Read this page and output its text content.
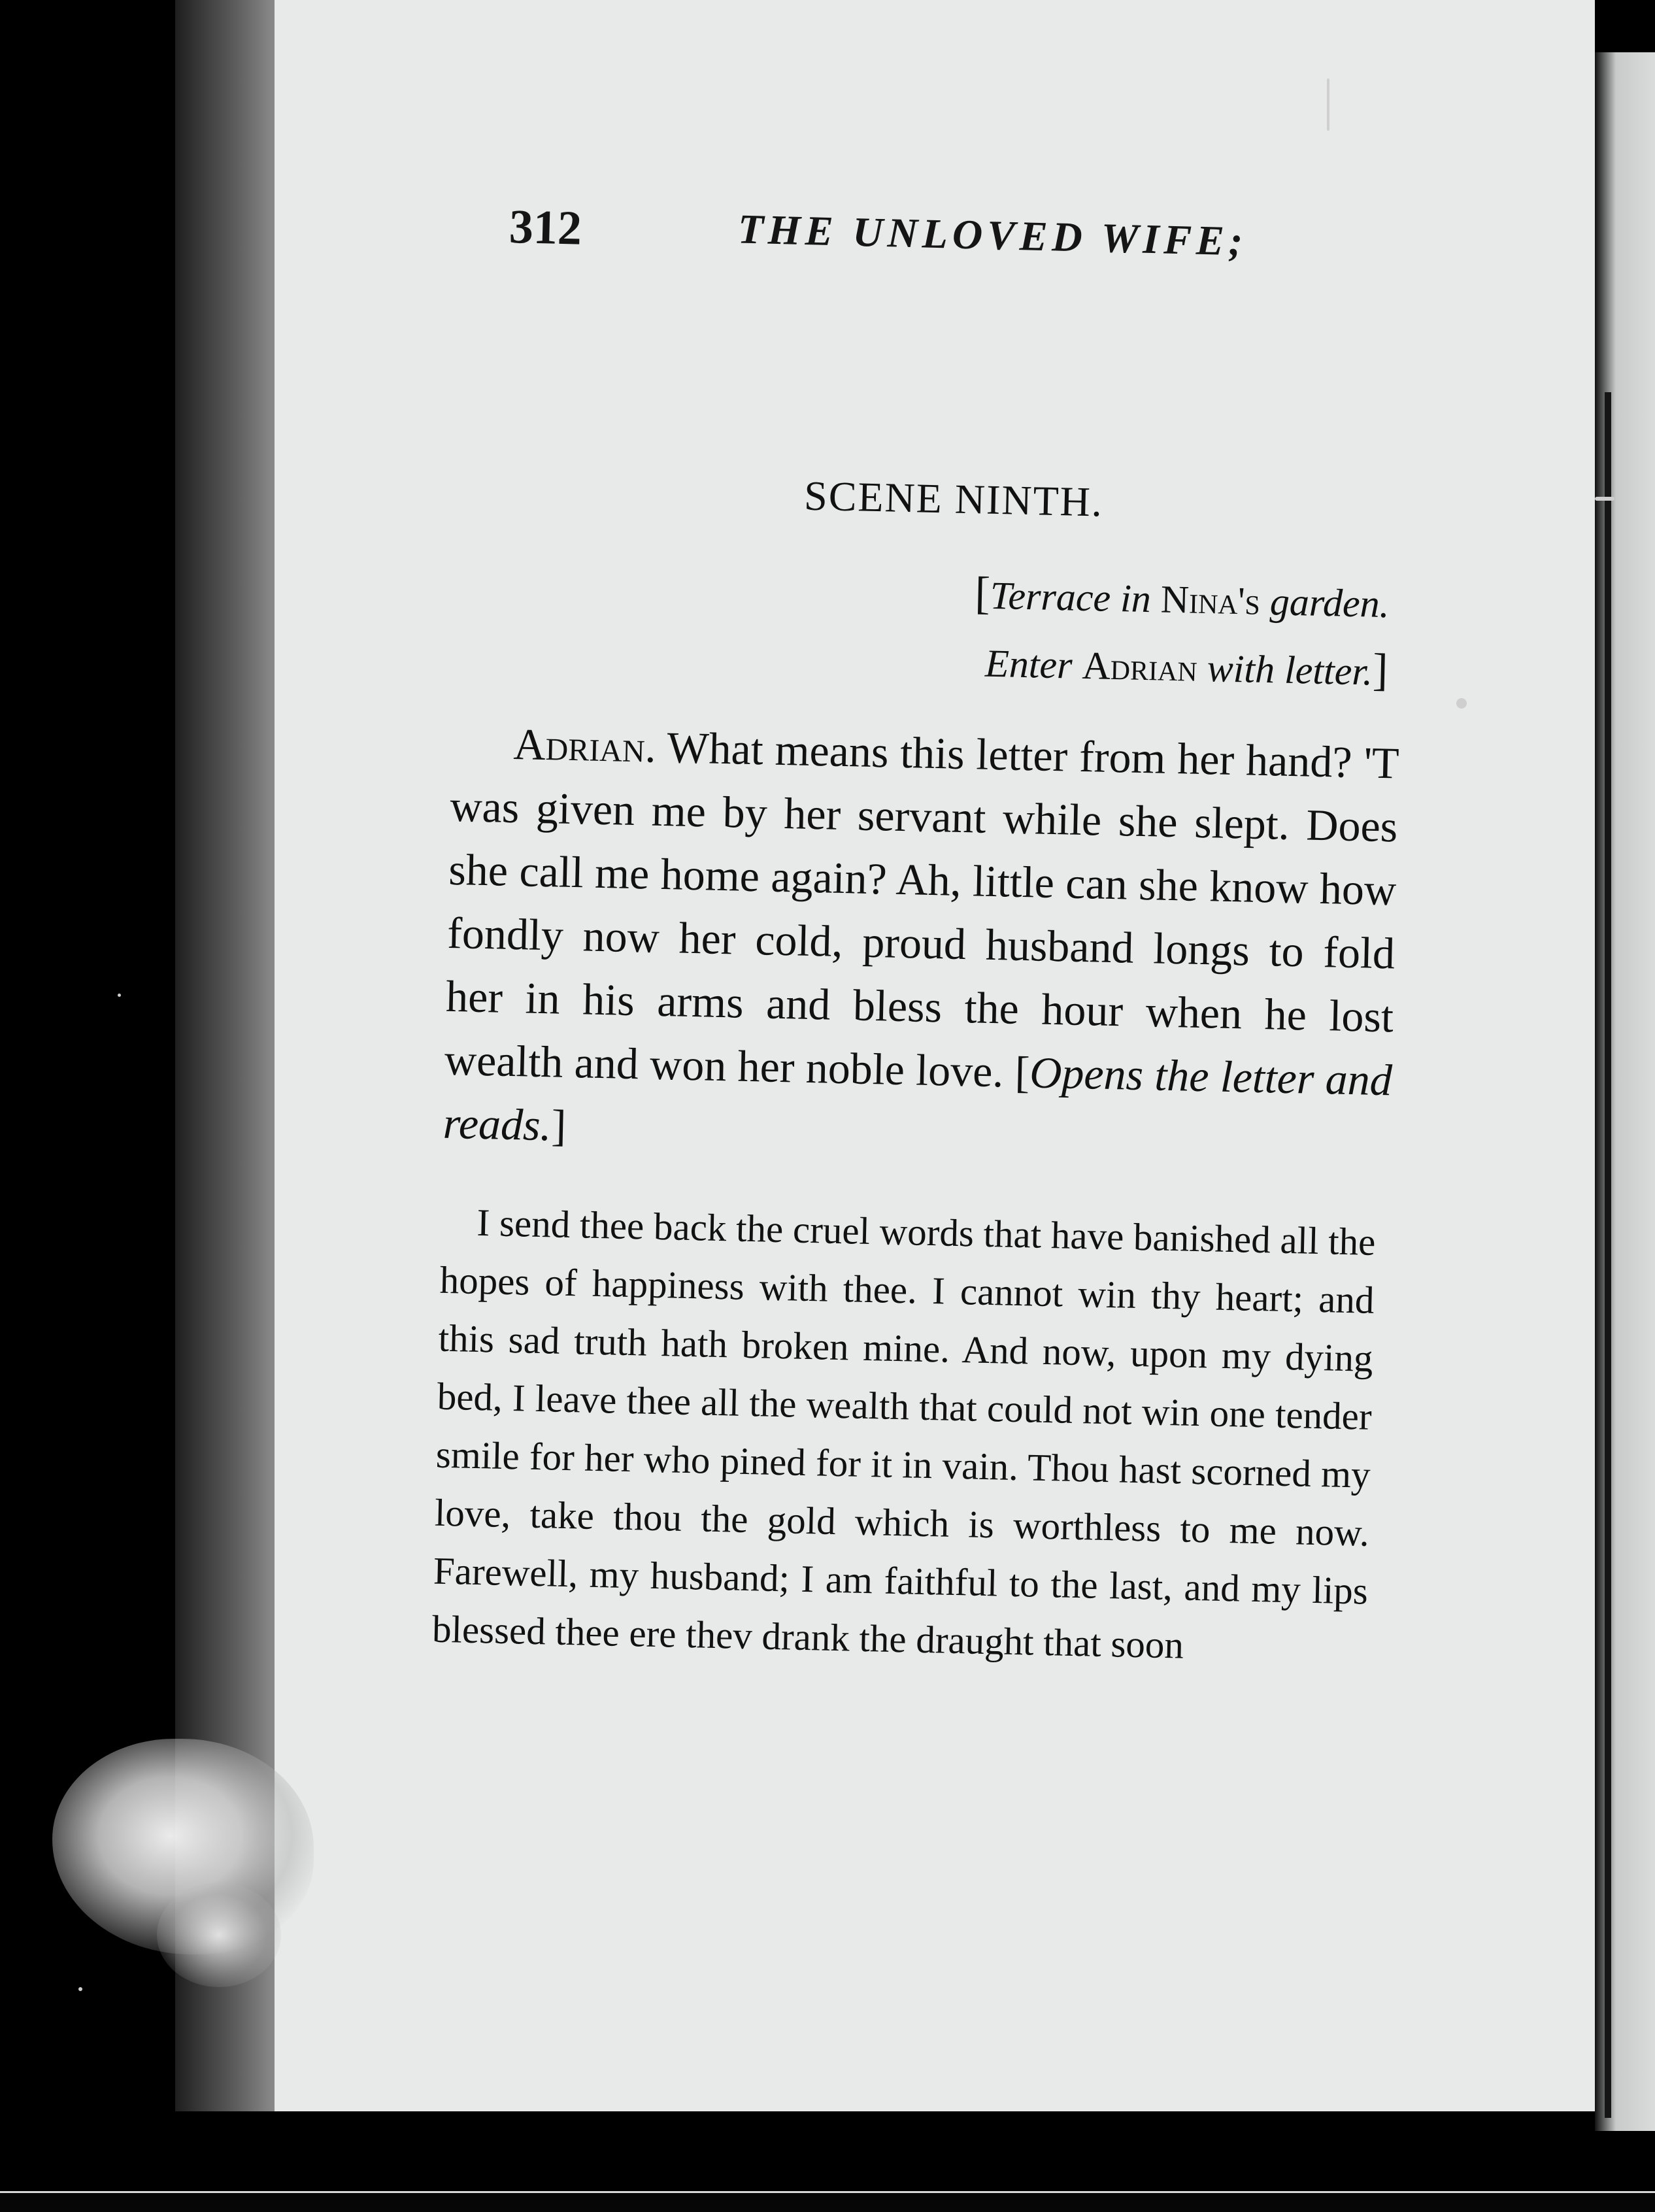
312	THE UNLOVED WIFE;
SCENE NINTH.
[Terrace in Nina's garden.
Enter Adrian with letter.]

Adrian. What means this letter from her hand? 'T was given me by her servant while she slept. Does she call me home again? Ah, little can she know how fondly now her cold, proud husband longs to fold her in his arms and bless the hour when he lost wealth and won her noble love. [Opens the letter and reads.]

I send thee back the cruel words that have banished all the hopes of happiness with thee. I cannot win thy heart; and this sad truth hath broken mine. And now, upon my dying bed, I leave thee all the wealth that could not win one tender smile for her who pined for it in vain. Thou hast scorned my love, take thou the gold which is worthless to me now. Farewell, my husband; I am faithful to the last, and my lips blessed thee ere thev drank the draught that soon
